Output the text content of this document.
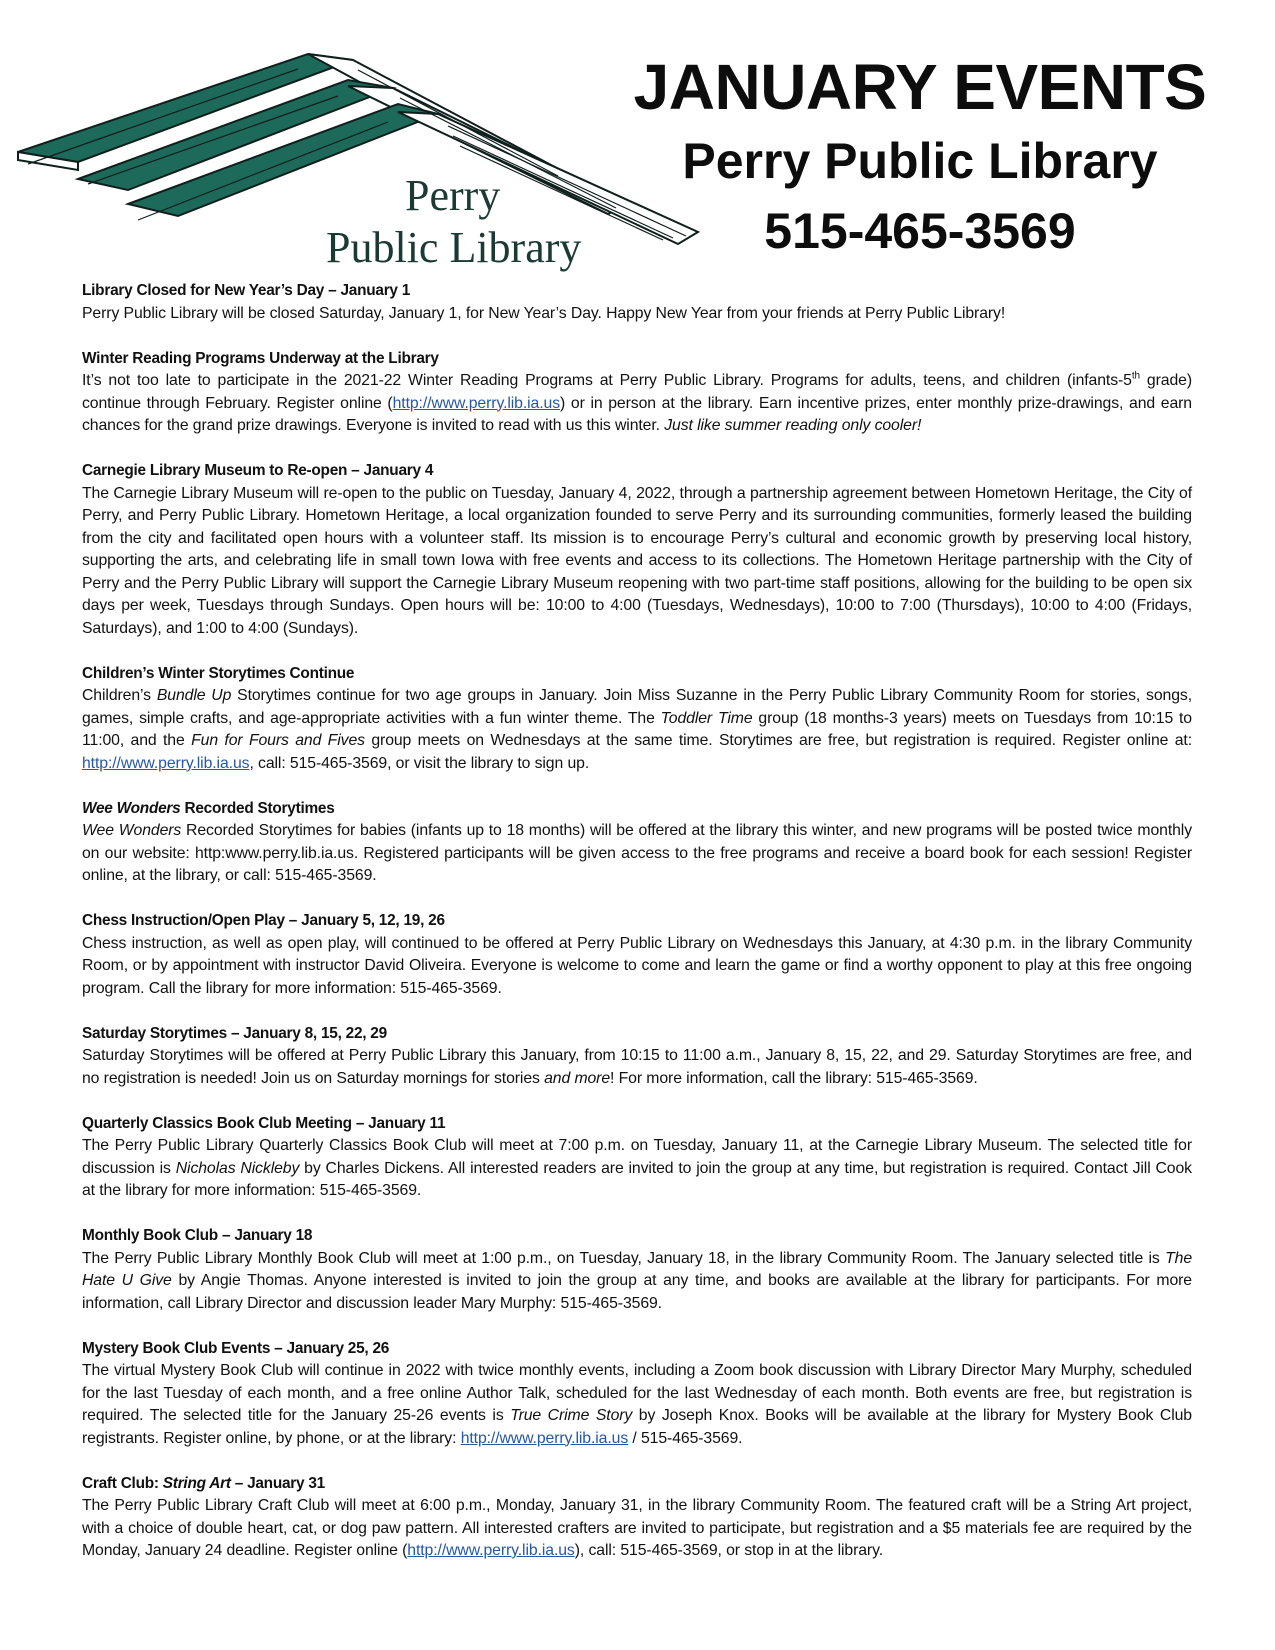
Perry
Public Library
JANUARY EVENTS
Perry Public Library
515-465-3569
Library Closed for New Year’s Day – January 1
Perry Public Library will be closed Saturday, January 1, for New Year’s Day. Happy New Year from your friends at Perry Public Library!
Winter Reading Programs Underway at the Library
It’s not too late to participate in the 2021-22 Winter Reading Programs at Perry Public Library. Programs for adults, teens, and children (infants-5th grade) continue through February. Register online (http://www.perry.lib.ia.us) or in person at the library. Earn incentive prizes, enter monthly prize-drawings, and earn chances for the grand prize drawings. Everyone is invited to read with us this winter. Just like summer reading only cooler!
Carnegie Library Museum to Re-open – January 4
The Carnegie Library Museum will re-open to the public on Tuesday, January 4, 2022, through a partnership agreement between Hometown Heritage, the City of Perry, and Perry Public Library. Hometown Heritage, a local organization founded to serve Perry and its surrounding communities, formerly leased the building from the city and facilitated open hours with a volunteer staff. Its mission is to encourage Perry’s cultural and economic growth by preserving local history, supporting the arts, and celebrating life in small town Iowa with free events and access to its collections. The Hometown Heritage partnership with the City of Perry and the Perry Public Library will support the Carnegie Library Museum reopening with two part-time staff positions, allowing for the building to be open six days per week, Tuesdays through Sundays. Open hours will be: 10:00 to 4:00 (Tuesdays, Wednesdays), 10:00 to 7:00 (Thursdays), 10:00 to 4:00 (Fridays, Saturdays), and 1:00 to 4:00 (Sundays).
Children’s Winter Storytimes Continue
Children’s Bundle Up Storytimes continue for two age groups in January. Join Miss Suzanne in the Perry Public Library Community Room for stories, songs, games, simple crafts, and age-appropriate activities with a fun winter theme. The Toddler Time group (18 months-3 years) meets on Tuesdays from 10:15 to 11:00, and the Fun for Fours and Fives group meets on Wednesdays at the same time. Storytimes are free, but registration is required. Register online at: http://www.perry.lib.ia.us, call: 515-465-3569, or visit the library to sign up.
Wee Wonders Recorded Storytimes
Wee Wonders Recorded Storytimes for babies (infants up to 18 months) will be offered at the library this winter, and new programs will be posted twice monthly on our website: http:www.perry.lib.ia.us. Registered participants will be given access to the free programs and receive a board book for each session! Register online, at the library, or call: 515-465-3569.
Chess Instruction/Open Play – January 5, 12, 19, 26
Chess instruction, as well as open play, will continued to be offered at Perry Public Library on Wednesdays this January, at 4:30 p.m. in the library Community Room, or by appointment with instructor David Oliveira. Everyone is welcome to come and learn the game or find a worthy opponent to play at this free ongoing program. Call the library for more information: 515-465-3569.
Saturday Storytimes – January 8, 15, 22, 29
Saturday Storytimes will be offered at Perry Public Library this January, from 10:15 to 11:00 a.m., January 8, 15, 22, and 29. Saturday Storytimes are free, and no registration is needed! Join us on Saturday mornings for stories and more! For more information, call the library: 515-465-3569.
Quarterly Classics Book Club Meeting – January 11
The Perry Public Library Quarterly Classics Book Club will meet at 7:00 p.m. on Tuesday, January 11, at the Carnegie Library Museum. The selected title for discussion is Nicholas Nickleby by Charles Dickens. All interested readers are invited to join the group at any time, but registration is required. Contact Jill Cook at the library for more information: 515-465-3569.
Monthly Book Club – January 18
The Perry Public Library Monthly Book Club will meet at 1:00 p.m., on Tuesday, January 18, in the library Community Room. The January selected title is The Hate U Give by Angie Thomas. Anyone interested is invited to join the group at any time, and books are available at the library for participants. For more information, call Library Director and discussion leader Mary Murphy: 515-465-3569.
Mystery Book Club Events – January 25, 26
The virtual Mystery Book Club will continue in 2022 with twice monthly events, including a Zoom book discussion with Library Director Mary Murphy, scheduled for the last Tuesday of each month, and a free online Author Talk, scheduled for the last Wednesday of each month. Both events are free, but registration is required. The selected title for the January 25-26 events is True Crime Story by Joseph Knox. Books will be available at the library for Mystery Book Club registrants. Register online, by phone, or at the library: http://www.perry.lib.ia.us / 515-465-3569.
Craft Club: String Art – January 31
The Perry Public Library Craft Club will meet at 6:00 p.m., Monday, January 31, in the library Community Room. The featured craft will be a String Art project, with a choice of double heart, cat, or dog paw pattern. All interested crafters are invited to participate, but registration and a $5 materials fee are required by the Monday, January 24 deadline. Register online (http://www.perry.lib.ia.us), call: 515-465-3569, or stop in at the library.
